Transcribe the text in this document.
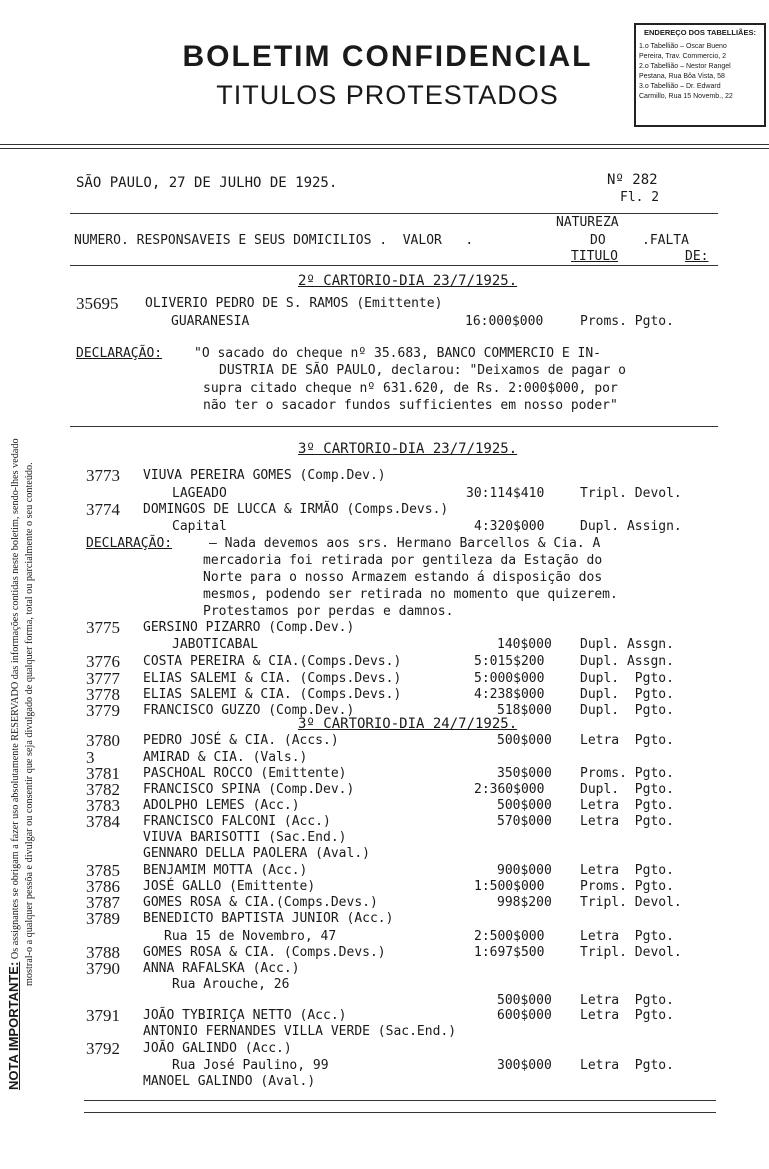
BOLETIM CONFIDENCIAL
TITULOS PROTESTADOS
ENDEREÇO DOS TABELLIÃES:
1.o Tabellião – Oscar Bueno
Pereira, Trav. Commercio, 2
2.o Tabellião – Nestor Rangel
Pestana, Rua Bôa Vista, 58
3.o Tabellião – Dr. Edward
Carmillo, Rua 15 Novemb., 22
NOTA IMPORTANTE: Os assignantes se obrigam a fazer uso absolutamente RESERVADO das informações contidas neste boletim, sendo-lhes vedado mostral-o a qualquer pessôa e divulgar ou consentir que seja divulgado de qualquer forma, total ou parcialmente o seu conteúdo.
SÃO PAULO, 27 DE JULHO DE 1925.	Nº 282
Fl. 2
NATUREZA
NUMERO. RESPONSAVEIS E SEUS DOMICILIOS .  VALOR   .	DO	.FALTA
TITULO	DE:
2º CARTORIO-DIA 23/7/1925.
35695 OLIVERIO PEDRO DE S. RAMOS (Emittente)
GUARANESIA	16:000$000	Proms. Pgto.
DECLARAÇÃO: "O sacado do cheque nº 35.683, BANCO COMMERCIO E IN-
DUSTRIA DE SÃO PAULO, declarou: "Deixamos de pagar o
supra citado cheque nº 631.620, de Rs. 2:000$000, por
não ter o sacador fundos sufficientes em nosso poder"
3º CARTORIO-DIA 23/7/1925.
3773 VIUVA PEREIRA GOMES (Comp.Dev.)
LAGEADO	30:114$410	Tripl. Devol.
3774 DOMINGOS DE LUCCA & IRMÃO (Comps.Devs.)
Capital	4:320$000	Dupl. Assign.
DECLARAÇÃO:	– Nada devemos aos srs. Hermano Barcellos & Cia. A
mercadoria foi retirada por gentileza da Estação do
Norte para o nosso Armazem estando á disposição dos
mesmos, podendo ser retirada no momento que quizerem.
Protestamos por perdas e damnos.
3775 GERSINO PIZARRO (Comp.Dev.)
JABOTICABAL	140$000 Dupl. Assgn.
3776 COSTA PEREIRA & CIA.(Comps.Devs.)	5:015$200	Dupl. Assgn.
3777 ELIAS SALEMI & CIA. (Comps.Devs.)	5:000$000	Dupl.  Pgto.
3778 ELIAS SALEMI & CIA. (Comps.Devs.)	4:238$000	Dupl.  Pgto.
3779 FRANCISCO GUZZO (Comp.Dev.)	518$000 Dupl.  Pgto.
3º CARTORIO-DIA 24/7/1925.
3780 PEDRO JOSÉ & CIA. (Accs.)	500$000 Letra  Pgto.
3	AMIRAD & CIA. (Vals.)
3781 PASCHOAL ROCCO (Emittente)	350$000 Proms. Pgto.
3782 FRANCISCO SPINA (Comp.Dev.)	2:360$000	Dupl.  Pgto.
3783 ADOLPHO LEMES (Acc.)	500$000 Letra  Pgto.
3784 FRANCISCO FALCONI (Acc.)	570$000 Letra  Pgto.
VIUVA BARISOTTI (Sac.End.)
GENNARO DELLA PAOLERA (Aval.)
3785 BENJAMIM MOTTA (Acc.)	900$000 Letra  Pgto.
3786 JOSÉ GALLO (Emittente)	1:500$000	Proms. Pgto.
3787 GOMES ROSA & CIA.(Comps.Devs.)	998$200 Tripl. Devol.
3789 BENEDICTO BAPTISTA JUNIOR (Acc.)
Rua 15 de Novembro, 47	2:500$000	Letra  Pgto.
3788 GOMES ROSA & CIA. (Comps.Devs.)	1:697$500	Tripl. Devol.
3790 ANNA RAFALSKA (Acc.)
Rua Arouche, 26
500$000 Letra  Pgto.
3791 JOÃO TYBIRIÇA NETTO (Acc.)	600$000 Letra  Pgto.
ANTONIO FERNANDES VILLA VERDE (Sac.End.)
3792 JOÃO GALINDO (Acc.)
Rua José Paulino, 99	300$000 Letra  Pgto.
MANOEL GALINDO (Aval.)
